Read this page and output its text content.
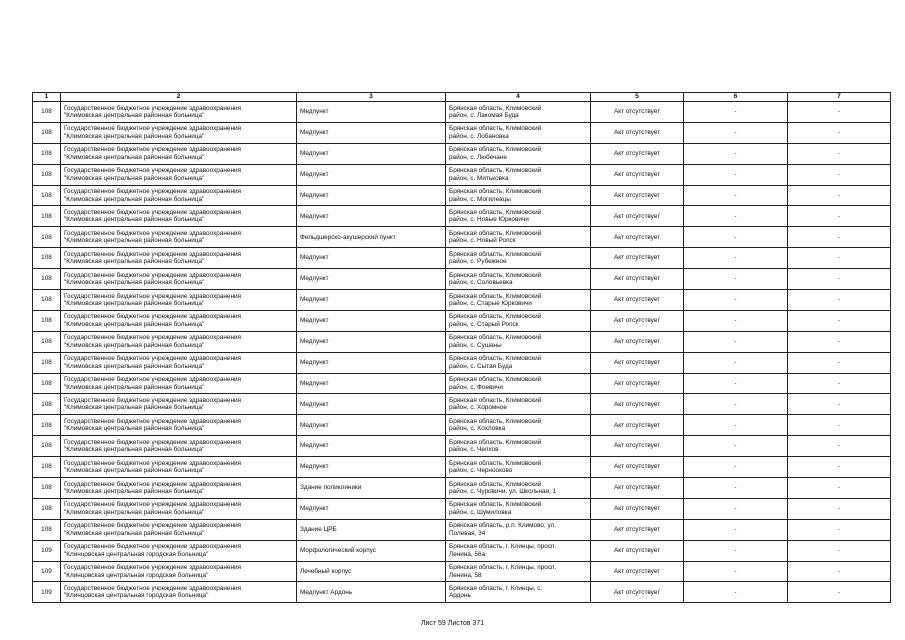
1	2	3	4	5	6	7

108	Государственное бюджетное учреждение здравоохранения
"Климовская центральная районная больница"	Медпункт	Брянская область, Климовский
район, с. Лакомая Буда	Акт отсутствует	-	-

108	Государственное бюджетное учреждение здравоохранения
"Климовская центральная районная больница"	Медпункт	Брянская область, Климовский
район, с. Лобановка	Акт отсутствует	-	-

108	Государственное бюджетное учреждение здравоохранения
"Климовская центральная районная больница"	Медпункт	Брянская область, Климовский
район, с. Любечане	Акт отсутствует	-	-

108	Государственное бюджетное учреждение здравоохранения
"Климовская центральная районная больница"	Медпункт	Брянская область, Климовский
район, с. Митьковка	Акт отсутствует	-	-

108	Государственное бюджетное учреждение здравоохранения
"Климовская центральная районная больница"	Медпункт	Брянская область, Климовский
район, с. Могилевцы	Акт отсутствует	-	-

108	Государственное бюджетное учреждение здравоохранения
"Климовская центральная районная больница"	Медпункт	Брянская область, Климовский
район, с. Новые Юрковичи	Акт отсутствует	-	-

108	Государственное бюджетное учреждение здравоохранения
"Климовская центральная районная больница"	Фельдшерско-акушерский пункт	Брянская область, Климовский
район, с. Новый Ропск	Акт отсутствует	-	-

108	Государственное бюджетное учреждение здравоохранения
"Климовская центральная районная больница"	Медпункт	Брянская область, Климовский
район, с. Рубежное	Акт отсутствует	-	-

108	Государственное бюджетное учреждение здравоохранения
"Климовская центральная районная больница"	Медпункт	Брянская область, Климовский
район, с. Соловьевка	Акт отсутствует	-	-

108	Государственное бюджетное учреждение здравоохранения
"Климовская центральная районная больница"	Медпункт	Брянская область, Климовский
район, с. Старые Юрковичи	Акт отсутствует	-	-

108	Государственное бюджетное учреждение здравоохранения
"Климовская центральная районная больница"	Медпункт	Брянская область, Климовский
район, с. Старый Ропск	Акт отсутствует	-	-

108	Государственное бюджетное учреждение здравоохранения
"Климовская центральная районная больница"	Медпункт	Брянская область, Климовский
район, с. Сушаны	Акт отсутствует	-	-

108	Государственное бюджетное учреждение здравоохранения
"Климовская центральная районная больница"	Медпункт	Брянская область, Климовский
район, с. Сытая Буда	Акт отсутствует	-	-

108	Государственное бюджетное учреждение здравоохранения
"Климовская центральная районная больница"	Медпункт	Брянская область, Климовский
район, с. Фоевичи	Акт отсутствует	-	-

108	Государственное бюджетное учреждение здравоохранения
"Климовская центральная районная больница"	Медпункт	Брянская область, Климовский
район, с. Хоромное	Акт отсутствует	-	-

108	Государственное бюджетное учреждение здравоохранения
"Климовская центральная районная больница"	Медпункт	Брянская область, Климовский
район, с. Хохловка	Акт отсутствует	-	-

108	Государственное бюджетное учреждение здравоохранения
"Климовская центральная районная больница"	Медпункт	Брянская область, Климовский
район, с. Челхов	Акт отсутствует	-	-

108	Государственное бюджетное учреждение здравоохранения
"Климовская центральная районная больница"	Медпункт	Брянская область, Климовский
район, с. Чернооково	Акт отсутствует	-	-

108	Государственное бюджетное учреждение здравоохранения
"Климовская центральная районная больница"	Здание поликлиники	Брянская область, Климовский
район, с. Чуровичи, ул. Школьная, 1	Акт отсутствует	-	-

108	Государственное бюджетное учреждение здравоохранения
"Климовская центральная районная больница"	Медпункт	Брянская область, Климовский
район, с. Шумиловка	Акт отсутствует	-	-

108	Государственное бюджетное учреждение здравоохранения
"Климовская центральная районная больница"	Здание ЦРБ	Брянская область, р.п. Климово, ул.
Полевая, 34	Акт отсутствует	-	-

109	Государственное бюджетное учреждение здравоохранения
"Клинцовская центральная городская больница"	Морфологический корпус	Брянская область, г. Клинцы, просп.
Ленина, 56а	Акт отсутствует	-	-

109	Государственное бюджетное учреждение здравоохранения
"Клинцовская центральная городская больница"	Лечебный корпус	Брянская область, г. Клинцы, просп.
Ленина, 58	Акт отсутствует	-	-

109	Государственное бюджетное учреждение здравоохранения
"Клинцовская центральная городская больница"	Медпункт Ардонь	Брянская область, г. Клинцы, с.
Ардонь	Акт отсутствует	-	-
Лист 59 Листов 371
